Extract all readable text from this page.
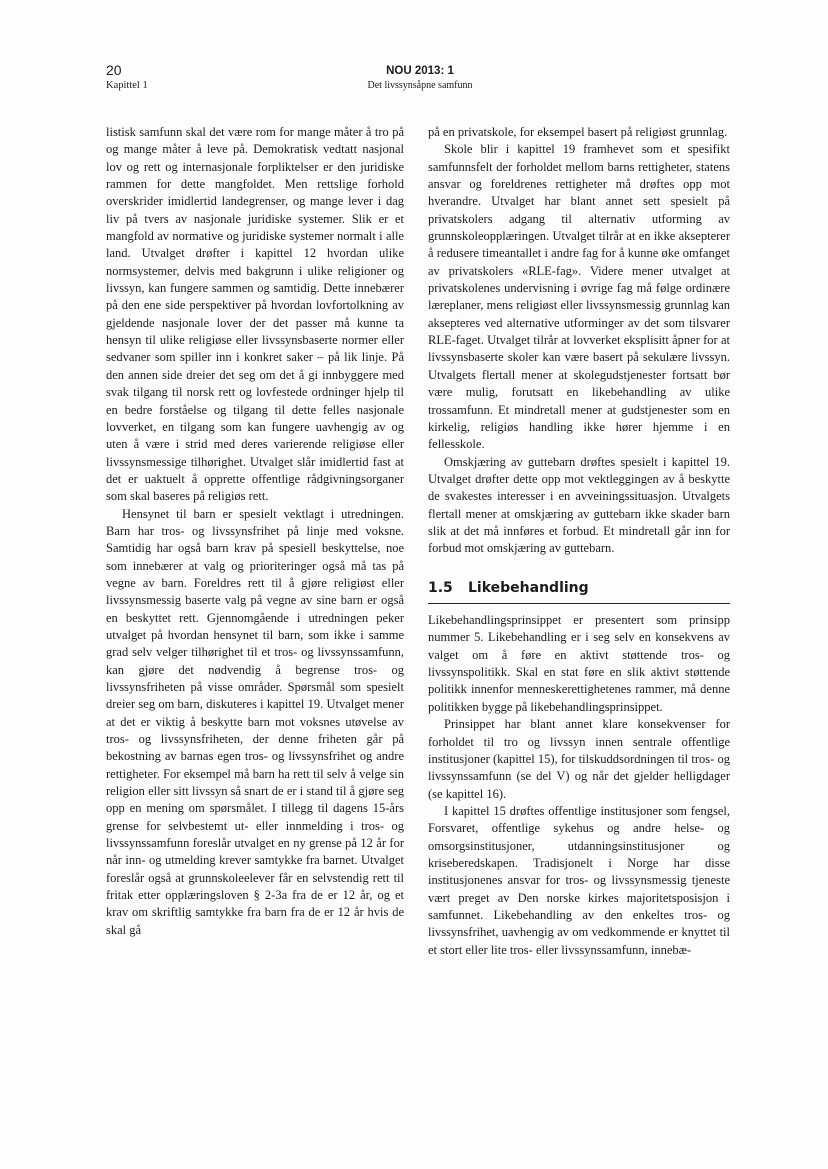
20
Kapittel 1
NOU 2013: 1
Det livssynsåpne samfunn

listisk samfunn skal det være rom for mange måter å tro på og mange måter å leve på. Demokratisk vedtatt nasjonal lov og rett og internasjonale forpliktelser er den juridiske rammen for dette mangfoldet. Men rettslige forhold overskrider imidlertid landegrenser, og mange lever i dag liv på tvers av nasjonale juridiske systemer. Slik er et mangfold av normative og juridiske systemer normalt i alle land. Utvalget drøfter i kapittel 12 hvordan ulike normsystemer, delvis med bakgrunn i ulike religioner og livssyn, kan fungere sammen og samtidig. Dette innebærer på den ene side perspektiver på hvordan lovfortolkning av gjeldende nasjonale lover der det passer må kunne ta hensyn til ulike religiøse eller livssynsbaserte normer eller sedvaner som spiller inn i konkret saker – på lik linje. På den annen side dreier det seg om det å gi innbyggere med svak tilgang til norsk rett og lovfestede ordninger hjelp til en bedre forståelse og tilgang til dette felles nasjonale lovverket, en tilgang som kan fungere uavhengig av og uten å være i strid med deres varierende religiøse eller livssynsmessige tilhørighet. Utvalget slår imidlertid fast at det er uaktuelt å opprette offentlige rådgivningsorganer som skal baseres på religiøs rett.

Hensynet til barn er spesielt vektlagt i utredningen. Barn har tros- og livssynsfrihet på linje med voksne. Samtidig har også barn krav på spesiell beskyttelse, noe som innebærer at valg og prioriteringer også må tas på vegne av barn. Foreldres rett til å gjøre religiøst eller livssynsmessig baserte valg på vegne av sine barn er også en beskyttet rett. Gjennomgående i utredningen peker utvalget på hvordan hensynet til barn, som ikke i samme grad selv velger tilhørighet til et tros- og livssynssamfunn, kan gjøre det nødvendig å begrense tros- og livssynsfriheten på visse områder. Spørsmål som spesielt dreier seg om barn, diskuteres i kapittel 19. Utvalget mener at det er viktig å beskytte barn mot voksnes utøvelse av tros- og livssynsfriheten, der denne friheten går på bekostning av barnas egen tros- og livssynsfrihet og andre rettigheter. For eksempel må barn ha rett til selv å velge sin religion eller sitt livssyn så snart de er i stand til å gjøre seg opp en mening om spørsmålet. I tillegg til dagens 15-års grense for selvbestemt ut- eller innmelding i tros- og livssynssamfunn foreslår utvalget en ny grense på 12 år for når inn- og utmelding krever samtykke fra barnet. Utvalget foreslår også at grunnskoleelever får en selvstendig rett til fritak etter opplæringsloven § 2-3a fra de er 12 år, og et krav om skriftlig samtykke fra barn fra de er 12 år hvis de skal gå

på en privatskole, for eksempel basert på religiøst grunnlag.

Skole blir i kapittel 19 framhevet som et spesifikt samfunnsfelt der forholdet mellom barns rettigheter, statens ansvar og foreldrenes rettigheter må drøftes opp mot hverandre. Utvalget har blant annet sett spesielt på privatskolers adgang til alternativ utforming av grunnskoleopplæringen. Utvalget tilrår at en ikke aksepterer å redusere timeantallet i andre fag for å kunne øke omfanget av privatskolers «RLE-fag». Videre mener utvalget at privatskolenes undervisning i øvrige fag må følge ordinære læreplaner, mens religiøst eller livssynsmessig grunnlag kan aksepteres ved alternative utforminger av det som tilsvarer RLE-faget. Utvalget tilrår at lovverket eksplisitt åpner for at livssynsbaserte skoler kan være basert på sekulære livssyn. Utvalgets flertall mener at skolegudstjenester fortsatt bør være mulig, forutsatt en likebehandling av ulike trossamfunn. Et mindretall mener at gudstjenester som en kirkelig, religiøs handling ikke hører hjemme i en fellesskole.

Omskjæring av guttebarn drøftes spesielt i kapittel 19. Utvalget drøfter dette opp mot vektleggingen av å beskytte de svakestes interesser i en avveiningssituasjon. Utvalgets flertall mener at omskjæring av guttebarn ikke skader barn slik at det må innføres et forbud. Et mindretall går inn for forbud mot omskjæring av guttebarn.

1.5 Likebehandling

Likebehandlingsprinsippet er presentert som prinsipp nummer 5. Likebehandling er i seg selv en konsekvens av valget om å føre en aktivt støttende tros- og livssynspolitikk. Skal en stat føre en slik aktivt støttende politikk innenfor menneskerettighetenes rammer, må denne politikken bygge på likebehandlingsprinsippet.

Prinsippet har blant annet klare konsekvenser for forholdet til tro og livssyn innen sentrale offentlige institusjoner (kapittel 15), for tilskuddsordningen til tros- og livssynssamfunn (se del V) og når det gjelder helligdager (se kapittel 16).

I kapittel 15 drøftes offentlige institusjoner som fengsel, Forsvaret, offentlige sykehus og andre helse- og omsorgsinstitusjoner, utdanningsinstitusjoner og kriseberedskapen. Tradisjonelt i Norge har disse institusjonenes ansvar for tros- og livssynsmessig tjeneste vært preget av Den norske kirkes majoritetsposisjon i samfunnet. Likebehandling av den enkeltes tros- og livssynsfrihet, uavhengig av om vedkommende er knyttet til et stort eller lite tros- eller livssynssamfunn, innebæ-
